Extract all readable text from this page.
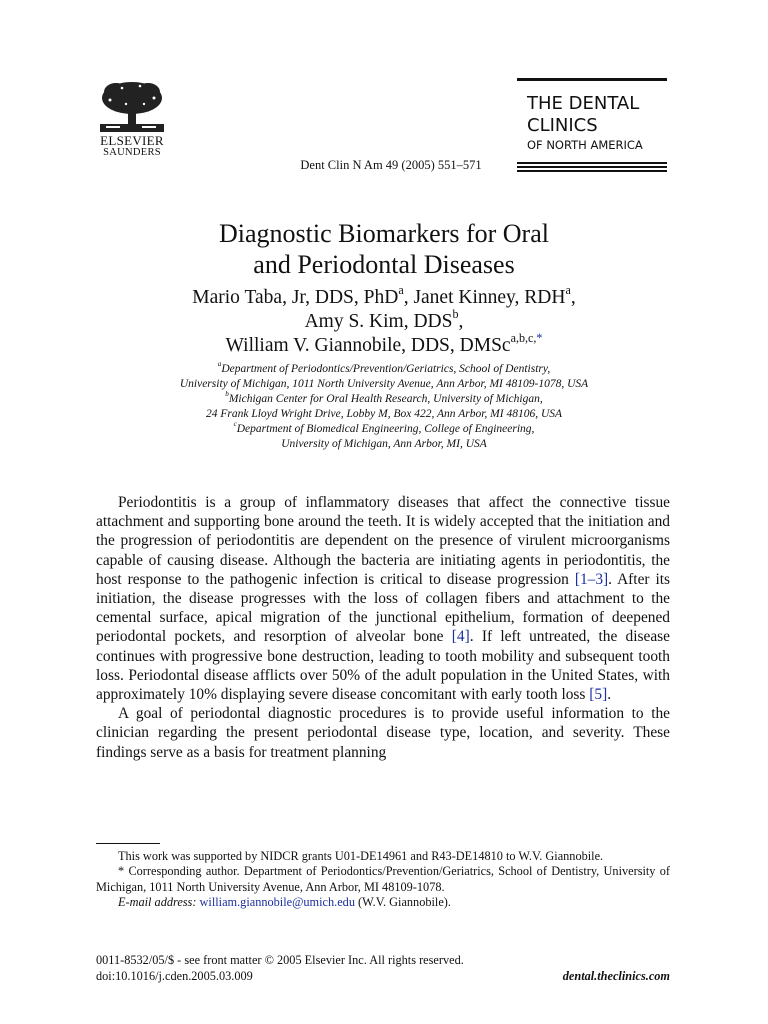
ELSEVIER
SAUNDERS
Dent Clin N Am 49 (2005) 551–571
THE DENTAL
CLINICS
OF NORTH AMERICA
Diagnostic Biomarkers for Oral
and Periodontal Diseases
Mario Taba, Jr, DDS, PhD$^a$, Janet Kinney, RDH$^a$,
Amy S. Kim, DDS$^b$,
William V. Giannobile, DDS, DMSc$^{a,b,c,*}$

$^a$Department of Periodontics/Prevention/Geriatrics, School of Dentistry,

University of Michigan, 1011 North University Avenue, Ann Arbor, MI 48109-1078, USA

$^b$Michigan Center for Oral Health Research, University of Michigan,

24 Frank Lloyd Wright Drive, Lobby M, Box 422, Ann Arbor, MI 48106, USA

$^c$Department of Biomedical Engineering, College of Engineering,

University of Michigan, Ann Arbor, MI, USA

Periodontitis is a group of inflammatory diseases that affect the connective tissue attachment and supporting bone around the teeth. It is widely accepted that the initiation and the progression of periodontitis are dependent on the presence of virulent microorganisms capable of causing disease. Although the bacteria are initiating agents in periodontitis, the host response to the pathogenic infection is critical to disease progression [1–3]. After its initiation, the disease progresses with the loss of collagen fibers and attachment to the cemental surface, apical migration of the junctional epithelium, formation of deepened periodontal pockets, and resorption of alveolar bone [4]. If left untreated, the disease continues with progressive bone destruction, leading to tooth mobility and subsequent tooth loss. Periodontal disease afflicts over 50% of the adult population in the United States, with approximately 10% displaying severe disease concomitant with early tooth loss [5].

A goal of periodontal diagnostic procedures is to provide useful information to the clinician regarding the present periodontal disease type, location, and severity. These findings serve as a basis for treatment planning

This work was supported by NIDCR grants U01-DE14961 and R43-DE14810 to W.V. Giannobile.

* Corresponding author. Department of Periodontics/Prevention/Geriatrics, School of Dentistry, University of Michigan, 1011 North University Avenue, Ann Arbor, MI 48109-1078.

E-mail address: william.giannobile@umich.edu (W.V. Giannobile).

0011-8532/05/$ - see front matter © 2005 Elsevier Inc. All rights reserved.
doi:10.1016/j.cden.2005.03.009	dental.theclinics.com
